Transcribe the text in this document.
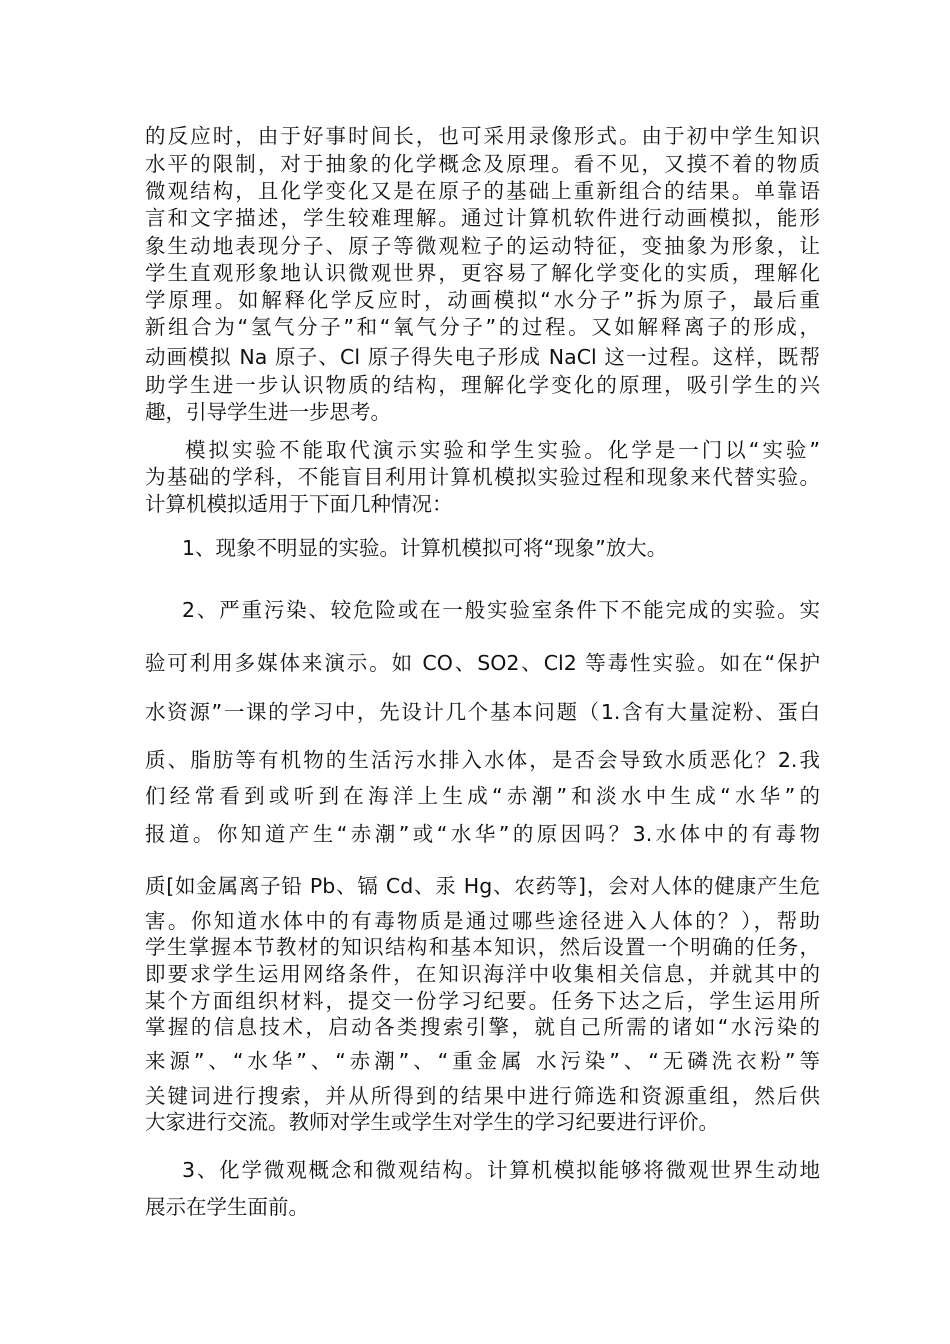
的反应时，由于好事时间长，也可采用录像形式。由于初中学生知识
水平的限制，对于抽象的化学概念及原理。看不见，又摸不着的物质
微观结构，且化学变化又是在原子的基础上重新组合的结果。单靠语
言和文字描述，学生较难理解。通过计算机软件进行动画模拟，能形
象生动地表现分子、原子等微观粒子的运动特征，变抽象为形象，让
学生直观形象地认识微观世界，更容易了解化学变化的实质，理解化
学原理。如解释化学反应时，动画模拟“水分子”拆为原子，最后重
新组合为“氢气分子”和“氧气分子”的过程。又如解释离子的形成，
动画模拟 Na 原子、Cl 原子得失电子形成 NaCl 这一过程。这样，既帮
助学生进一步认识物质的结构，理解化学变化的原理，吸引学生的兴
趣，引导学生进一步思考。
模拟实验不能取代演示实验和学生实验。化学是一门以“实验”
为基础的学科，不能盲目利用计算机模拟实验过程和现象来代替实验。
计算机模拟适用于下面几种情况：
1、现象不明显的实验。计算机模拟可将“现象”放大。
2、严重污染、较危险或在一般实验室条件下不能完成的实验。实
验可利用多媒体来演示。如 CO、SO2、Cl2 等毒性实验。如在“保护
水资源”一课的学习中，先设计几个基本问题（1.含有大量淀粉、蛋白
质、脂肪等有机物的生活污水排入水体，是否会导致水质恶化？2.我
们经常看到或听到在海洋上生成“赤潮”和淡水中生成“水华”的
报道。你知道产生“赤潮”或“水华”的原因吗？3.水体中的有毒物
质[如金属离子铅 Pb、镉 Cd、汞 Hg、农药等]，会对人体的健康产生危
害。你知道水体中的有毒物质是通过哪些途径进入人体的？），帮助
学生掌握本节教材的知识结构和基本知识，然后设置一个明确的任务，
即要求学生运用网络条件，在知识海洋中收集相关信息，并就其中的
某个方面组织材料，提交一份学习纪要。任务下达之后，学生运用所
掌握的信息技术，启动各类搜索引擎，就自己所需的诸如“水污染的
来源”、“水华”、“赤潮”、“重金属 水污染”、“无磷洗衣粉”等
关键词进行搜索，并从所得到的结果中进行筛选和资源重组，然后供
大家进行交流。教师对学生或学生对学生的学习纪要进行评价。
3、化学微观概念和微观结构。计算机模拟能够将微观世界生动地
展示在学生面前。
